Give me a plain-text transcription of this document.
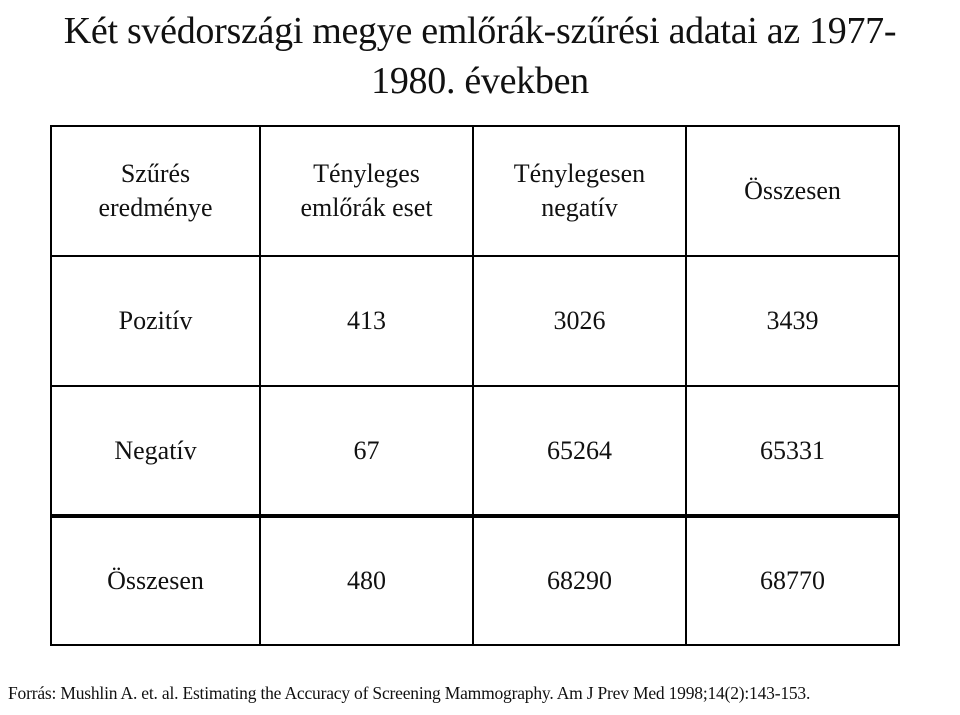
Két svédországi megye emlőrák-szűrési adatai az 1977-
1980. években
Szűrés eredménye	Tényleges emlőrák eset	Ténylegesen negatív	Összesen
Pozitív	413	3026	3439
Negatív	67	65264	65331
Összesen	480	68290	68770
Forrás: Mushlin A. et. al. Estimating the Accuracy of Screening Mammography. Am J Prev Med 1998;14(2):143-153.
